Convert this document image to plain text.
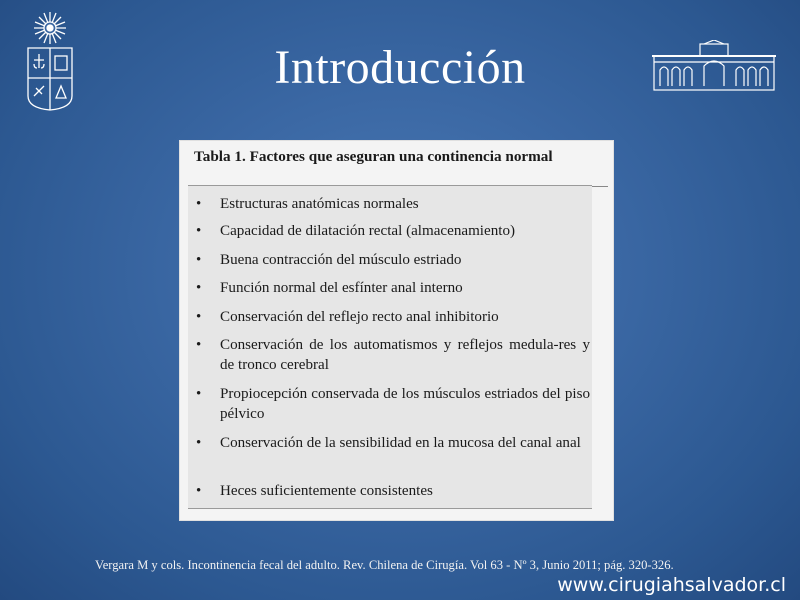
Introducción
Tabla 1. Factores que aseguran una continencia normal
•	Estructuras anatómicas normales
•	Capacidad de dilatación rectal (almacenamiento)
•	Buena contracción del músculo estriado
•	Función normal del esfínter anal interno
•	Conservación del reflejo recto anal inhibitorio
•	Conservación de los automatismos y reflejos medula-res y de tronco cerebral
•	Propiocepción conservada de los músculos estriados del piso pélvico
•	Conservación de la sensibilidad en la mucosa del canal anal
•	Heces suficientemente consistentes
Vergara M y cols. Incontinencia fecal del adulto. Rev. Chilena de Cirugía. Vol 63 - Nº 3, Junio 2011; pág. 320-326.
www.cirugiahsalvador.cl
